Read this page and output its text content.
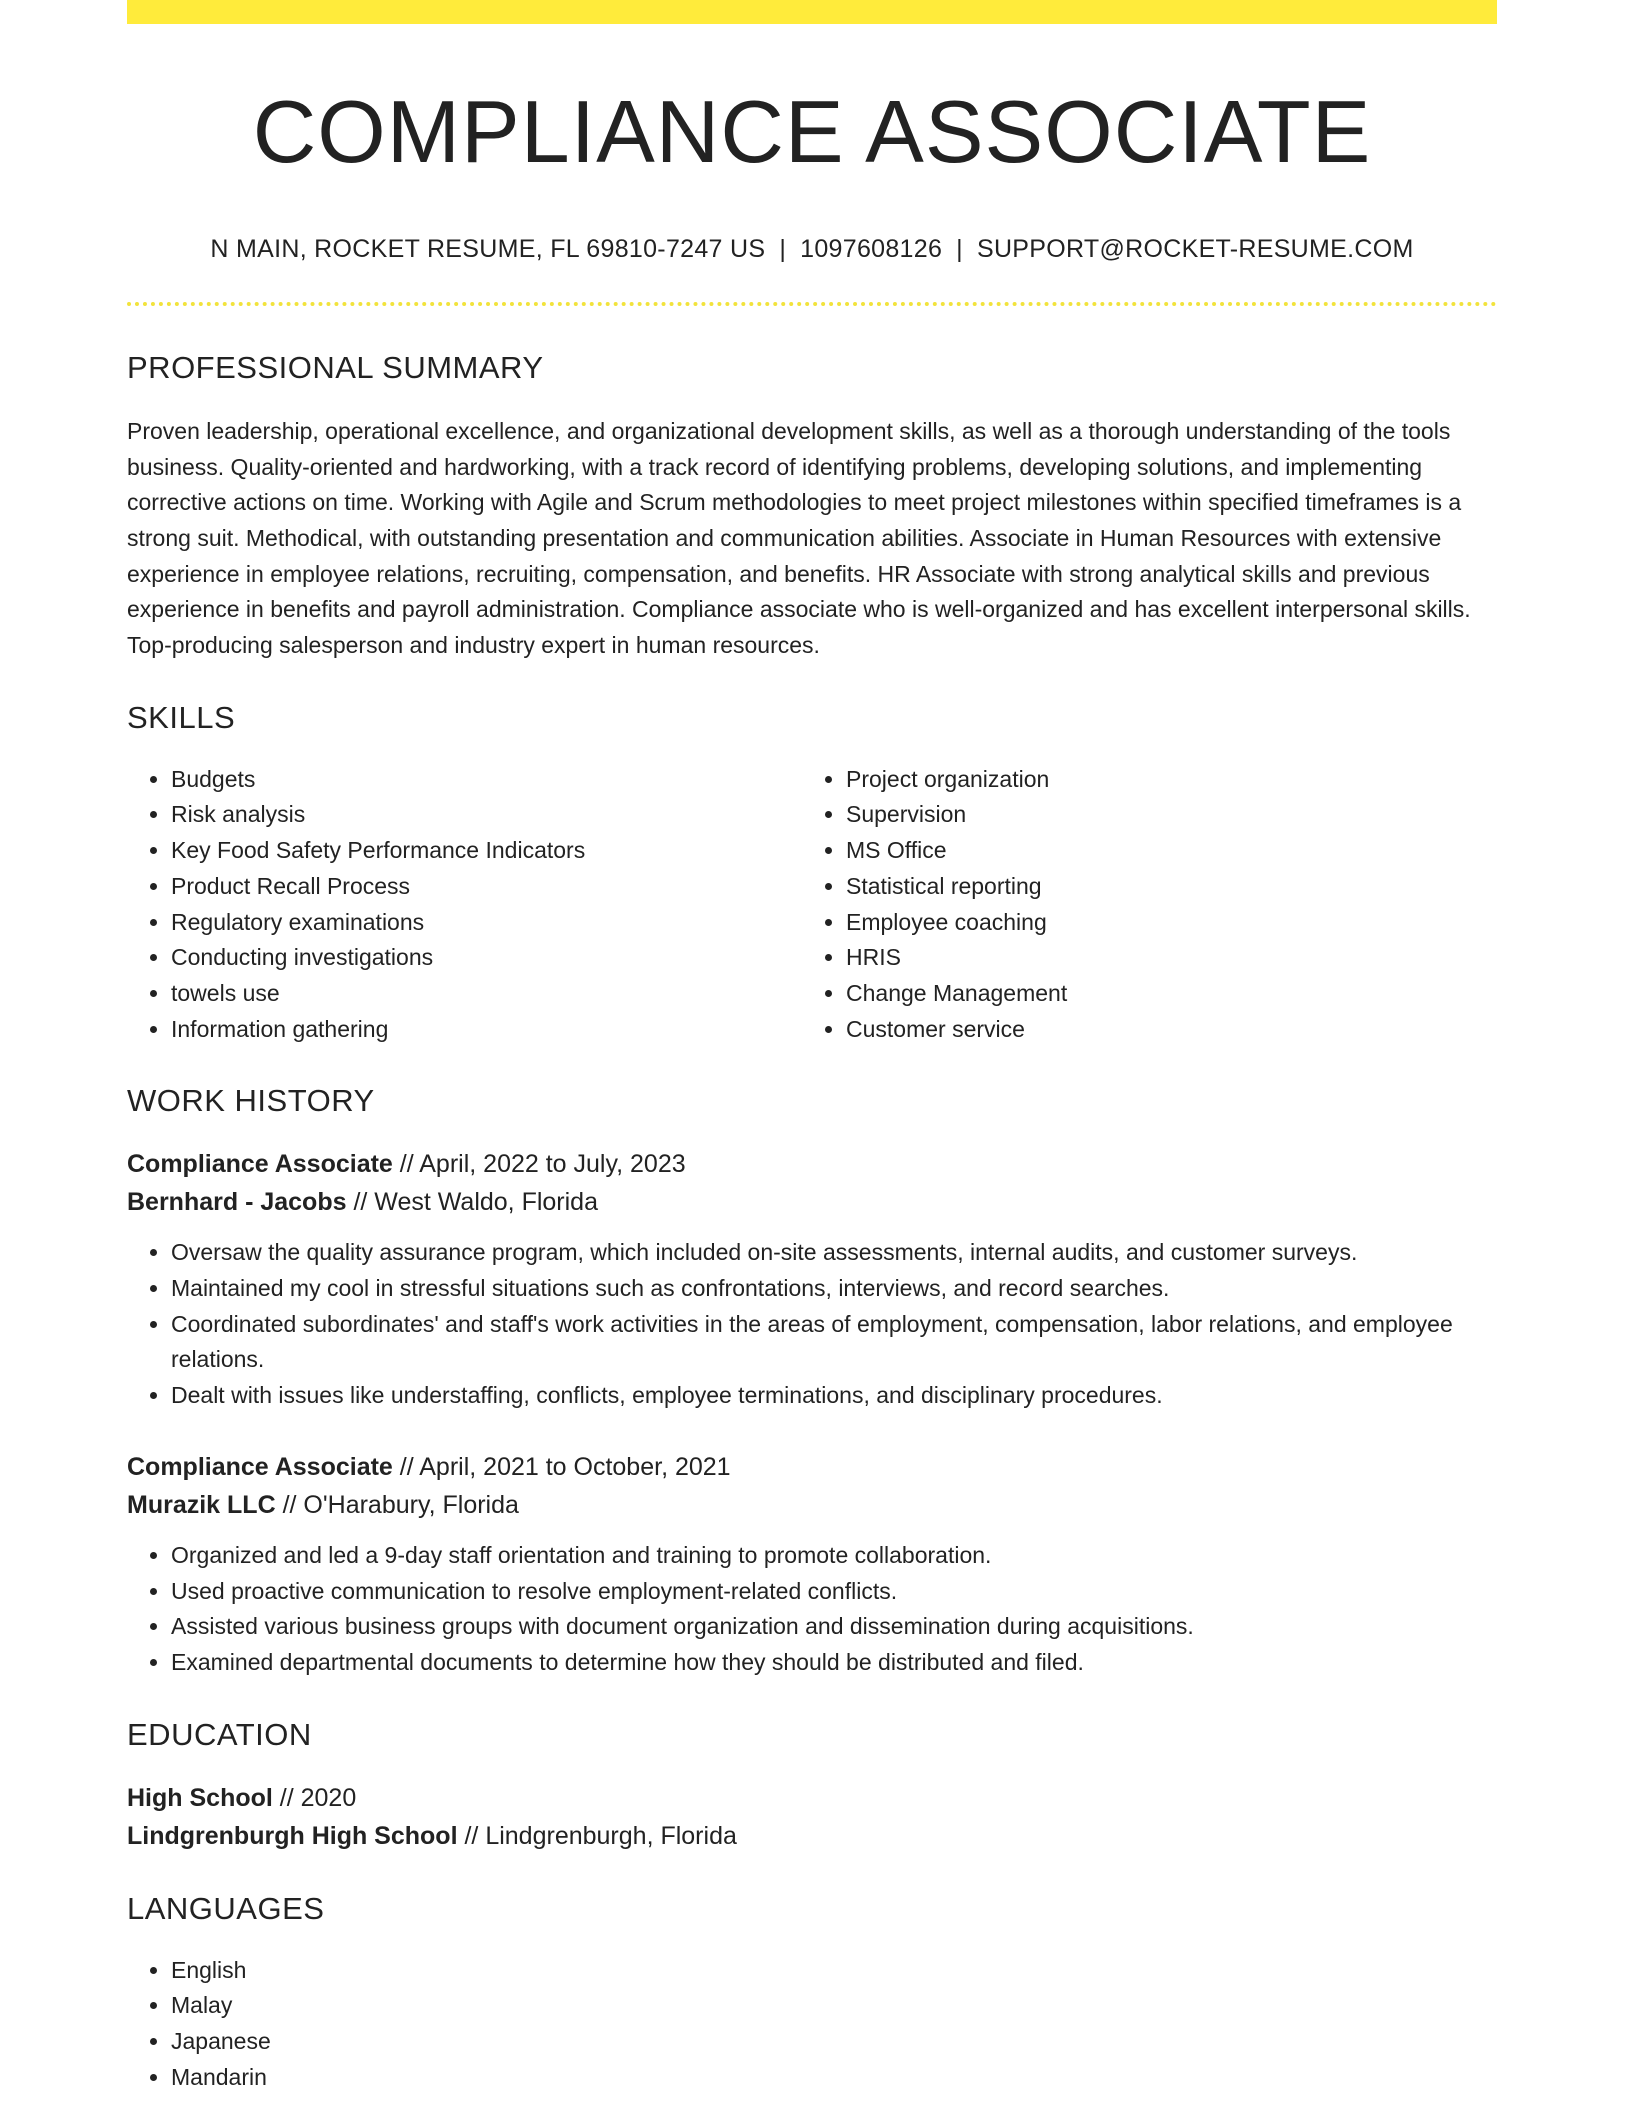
COMPLIANCE ASSOCIATE
N MAIN, ROCKET RESUME, FL 69810-7247 US | 1097608126 | SUPPORT@ROCKET-RESUME.COM
PROFESSIONAL SUMMARY
Proven leadership, operational excellence, and organizational development skills, as well as a thorough understanding of the tools business. Quality-oriented and hardworking, with a track record of identifying problems, developing solutions, and implementing corrective actions on time. Working with Agile and Scrum methodologies to meet project milestones within specified timeframes is a strong suit. Methodical, with outstanding presentation and communication abilities. Associate in Human Resources with extensive experience in employee relations, recruiting, compensation, and benefits. HR Associate with strong analytical skills and previous experience in benefits and payroll administration. Compliance associate who is well-organized and has excellent interpersonal skills. Top-producing salesperson and industry expert in human resources.
SKILLS
• Budgets
• Risk analysis
• Key Food Safety Performance Indicators
• Product Recall Process
• Regulatory examinations
• Conducting investigations
• towels use
• Information gathering
• Project organization
• Supervision
• MS Office
• Statistical reporting
• Employee coaching
• HRIS
• Change Management
• Customer service
WORK HISTORY
Compliance Associate // April, 2022 to July, 2023
Bernhard - Jacobs // West Waldo, Florida
• Oversaw the quality assurance program, which included on-site assessments, internal audits, and customer surveys.
• Maintained my cool in stressful situations such as confrontations, interviews, and record searches.
• Coordinated subordinates' and staff's work activities in the areas of employment, compensation, labor relations, and employee relations.
• Dealt with issues like understaffing, conflicts, employee terminations, and disciplinary procedures.
Compliance Associate // April, 2021 to October, 2021
Murazik LLC // O'Harabury, Florida
• Organized and led a 9-day staff orientation and training to promote collaboration.
• Used proactive communication to resolve employment-related conflicts.
• Assisted various business groups with document organization and dissemination during acquisitions.
• Examined departmental documents to determine how they should be distributed and filed.
EDUCATION
High School // 2020
Lindgrenburgh High School // Lindgrenburgh, Florida
LANGUAGES
• English
• Malay
• Japanese
• Mandarin
